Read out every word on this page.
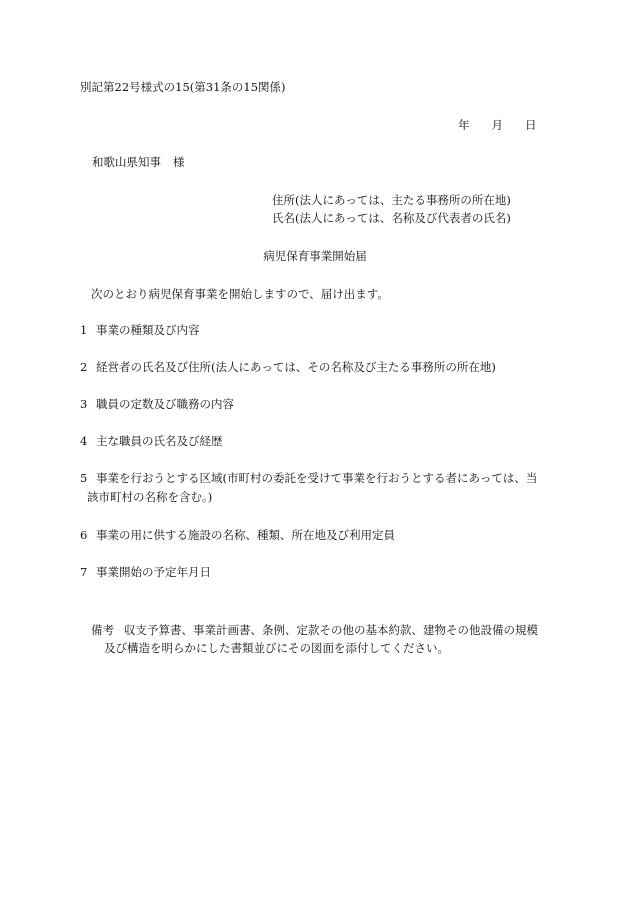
別記第22号様式の15(第31条の15関係)
年 月 日
和歌山県知事 様
住所(法人にあっては、主たる事務所の所在地)
氏名(法人にあっては、名称及び代表者の氏名)
病児保育事業開始届
次のとおり病児保育事業を開始しますので、届け出ます。
1 事業の種類及び内容
2 経営者の氏名及び住所(法人にあっては、その名称及び主たる事務所の所在地)
3 職員の定数及び職務の内容
4 主な職員の氏名及び経歴
5 事業を行おうとする区域(市町村の委託を受けて事業を行おうとする者にあっては、当
該市町村の名称を含む。)
6 事業の用に供する施設の名称、種類、所在地及び利用定員
7 事業開始の予定年月日
備考 収支予算書、事業計画書、条例、定款その他の基本約款、建物その他設備の規模
及び構造を明らかにした書類並びにその図面を添付してください。
